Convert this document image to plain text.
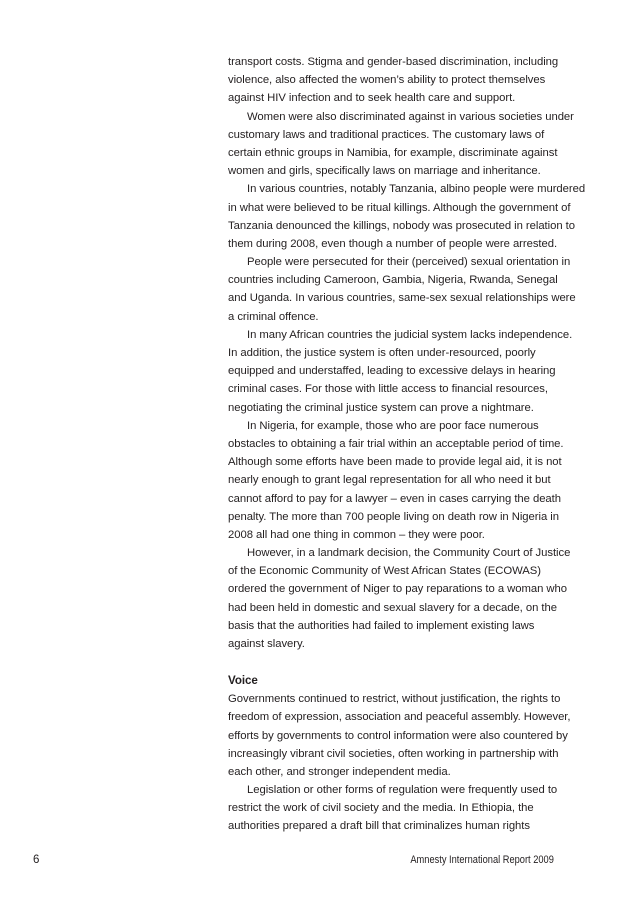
transport costs. Stigma and gender-based discrimination, including
violence, also affected the women’s ability to protect themselves
against HIV infection and to seek health care and support.
Women were also discriminated against in various societies under
customary laws and traditional practices. The customary laws of
certain ethnic groups in Namibia, for example, discriminate against
women and girls, specifically laws on marriage and inheritance.
In various countries, notably Tanzania, albino people were murdered
in what were believed to be ritual killings. Although the government of
Tanzania denounced the killings, nobody was prosecuted in relation to
them during 2008, even though a number of people were arrested.
People were persecuted for their (perceived) sexual orientation in
countries including Cameroon, Gambia, Nigeria, Rwanda, Senegal
and Uganda. In various countries, same-sex sexual relationships were
a criminal offence.
In many African countries the judicial system lacks independence.
In addition, the justice system is often under-resourced, poorly
equipped and understaffed, leading to excessive delays in hearing
criminal cases. For those with little access to financial resources,
negotiating the criminal justice system can prove a nightmare.
In Nigeria, for example, those who are poor face numerous
obstacles to obtaining a fair trial within an acceptable period of time.
Although some efforts have been made to provide legal aid, it is not
nearly enough to grant legal representation for all who need it but
cannot afford to pay for a lawyer – even in cases carrying the death
penalty. The more than 700 people living on death row in Nigeria in
2008 all had one thing in common – they were poor.
However, in a landmark decision, the Community Court of Justice
of the Economic Community of West African States (ECOWAS)
ordered the government of Niger to pay reparations to a woman who
had been held in domestic and sexual slavery for a decade, on the
basis that the authorities had failed to implement existing laws
against slavery.
Voice
Governments continued to restrict, without justification, the rights to
freedom of expression, association and peaceful assembly. However,
efforts by governments to control information were also countered by
increasingly vibrant civil societies, often working in partnership with
each other, and stronger independent media.
Legislation or other forms of regulation were frequently used to
restrict the work of civil society and the media. In Ethiopia, the
authorities prepared a draft bill that criminalizes human rights
6	Amnesty International Report 2009
